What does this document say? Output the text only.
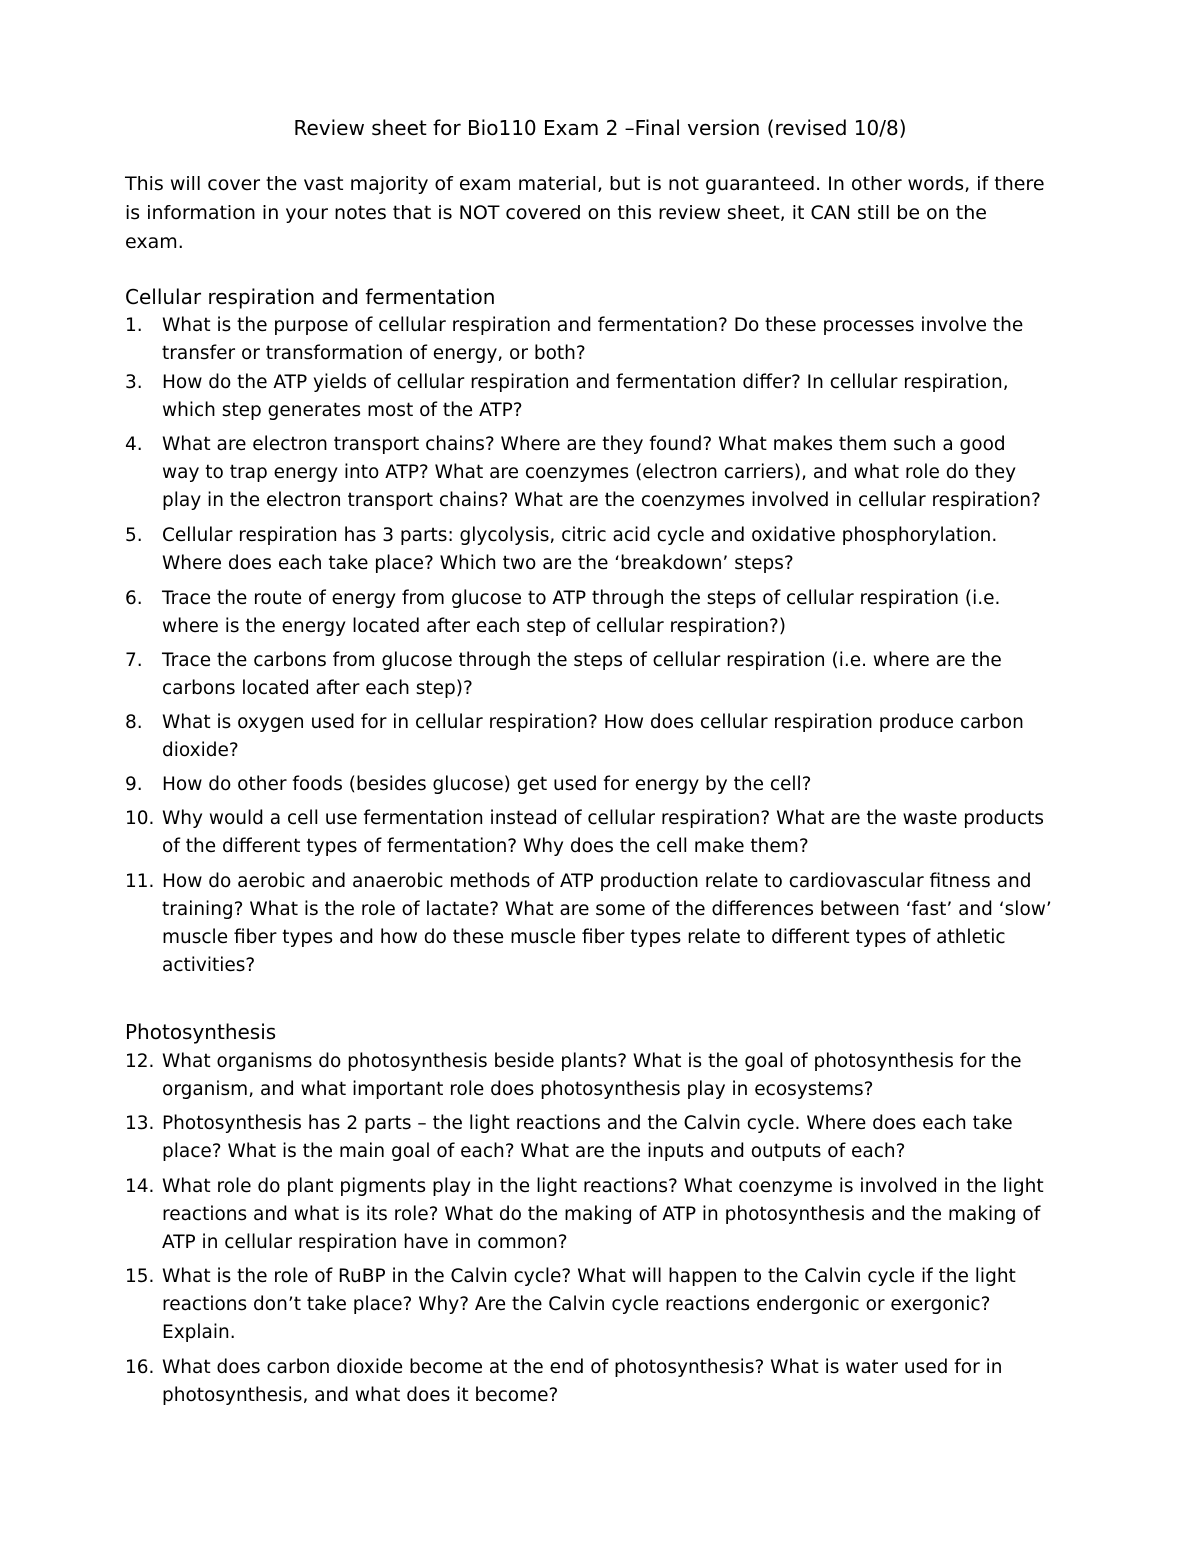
Review sheet for Bio110 Exam 2 –Final version (revised 10/8)
This will cover the vast majority of exam material, but is not guaranteed. In other words, if there
is information in your notes that is NOT covered on this review sheet, it CAN still be on the
exam.
Cellular respiration and fermentation
1.	What is the purpose of cellular respiration and fermentation? Do these processes involve the
transfer or transformation of energy, or both?
3.	How do the ATP yields of cellular respiration and fermentation differ? In cellular respiration,
which step generates most of the ATP?
4.	What are electron transport chains? Where are they found? What makes them such a good
way to trap energy into ATP? What are coenzymes (electron carriers), and what role do they
play in the electron transport chains? What are the coenzymes involved in cellular respiration?
5.	Cellular respiration has 3 parts: glycolysis, citric acid cycle and oxidative phosphorylation.
Where does each take place? Which two are the ‘breakdown’ steps?
6.	Trace the route of energy from glucose to ATP through the steps of cellular respiration (i.e.
where is the energy located after each step of cellular respiration?)
7.	Trace the carbons from glucose through the steps of cellular respiration (i.e. where are the
carbons located after each step)?
8.	What is oxygen used for in cellular respiration? How does cellular respiration produce carbon
dioxide?
9.	How do other foods (besides glucose) get used for energy by the cell?
10. Why would a cell use fermentation instead of cellular respiration? What are the waste products
of the different types of fermentation? Why does the cell make them?
11. How do aerobic and anaerobic methods of ATP production relate to cardiovascular fitness and
training? What is the role of lactate? What are some of the differences between ‘fast’ and ‘slow’
muscle fiber types and how do these muscle fiber types relate to different types of athletic
activities?
Photosynthesis
12. What organisms do photosynthesis beside plants? What is the goal of photosynthesis for the
organism, and what important role does photosynthesis play in ecosystems?
13. Photosynthesis has 2 parts – the light reactions and the Calvin cycle. Where does each take
place? What is the main goal of each? What are the inputs and outputs of each?
14. What role do plant pigments play in the light reactions? What coenzyme is involved in the light
reactions and what is its role? What do the making of ATP in photosynthesis and the making of
ATP in cellular respiration have in common?
15. What is the role of RuBP in the Calvin cycle? What will happen to the Calvin cycle if the light
reactions don’t take place? Why? Are the Calvin cycle reactions endergonic or exergonic?
Explain.
16. What does carbon dioxide become at the end of photosynthesis? What is water used for in
photosynthesis, and what does it become?
